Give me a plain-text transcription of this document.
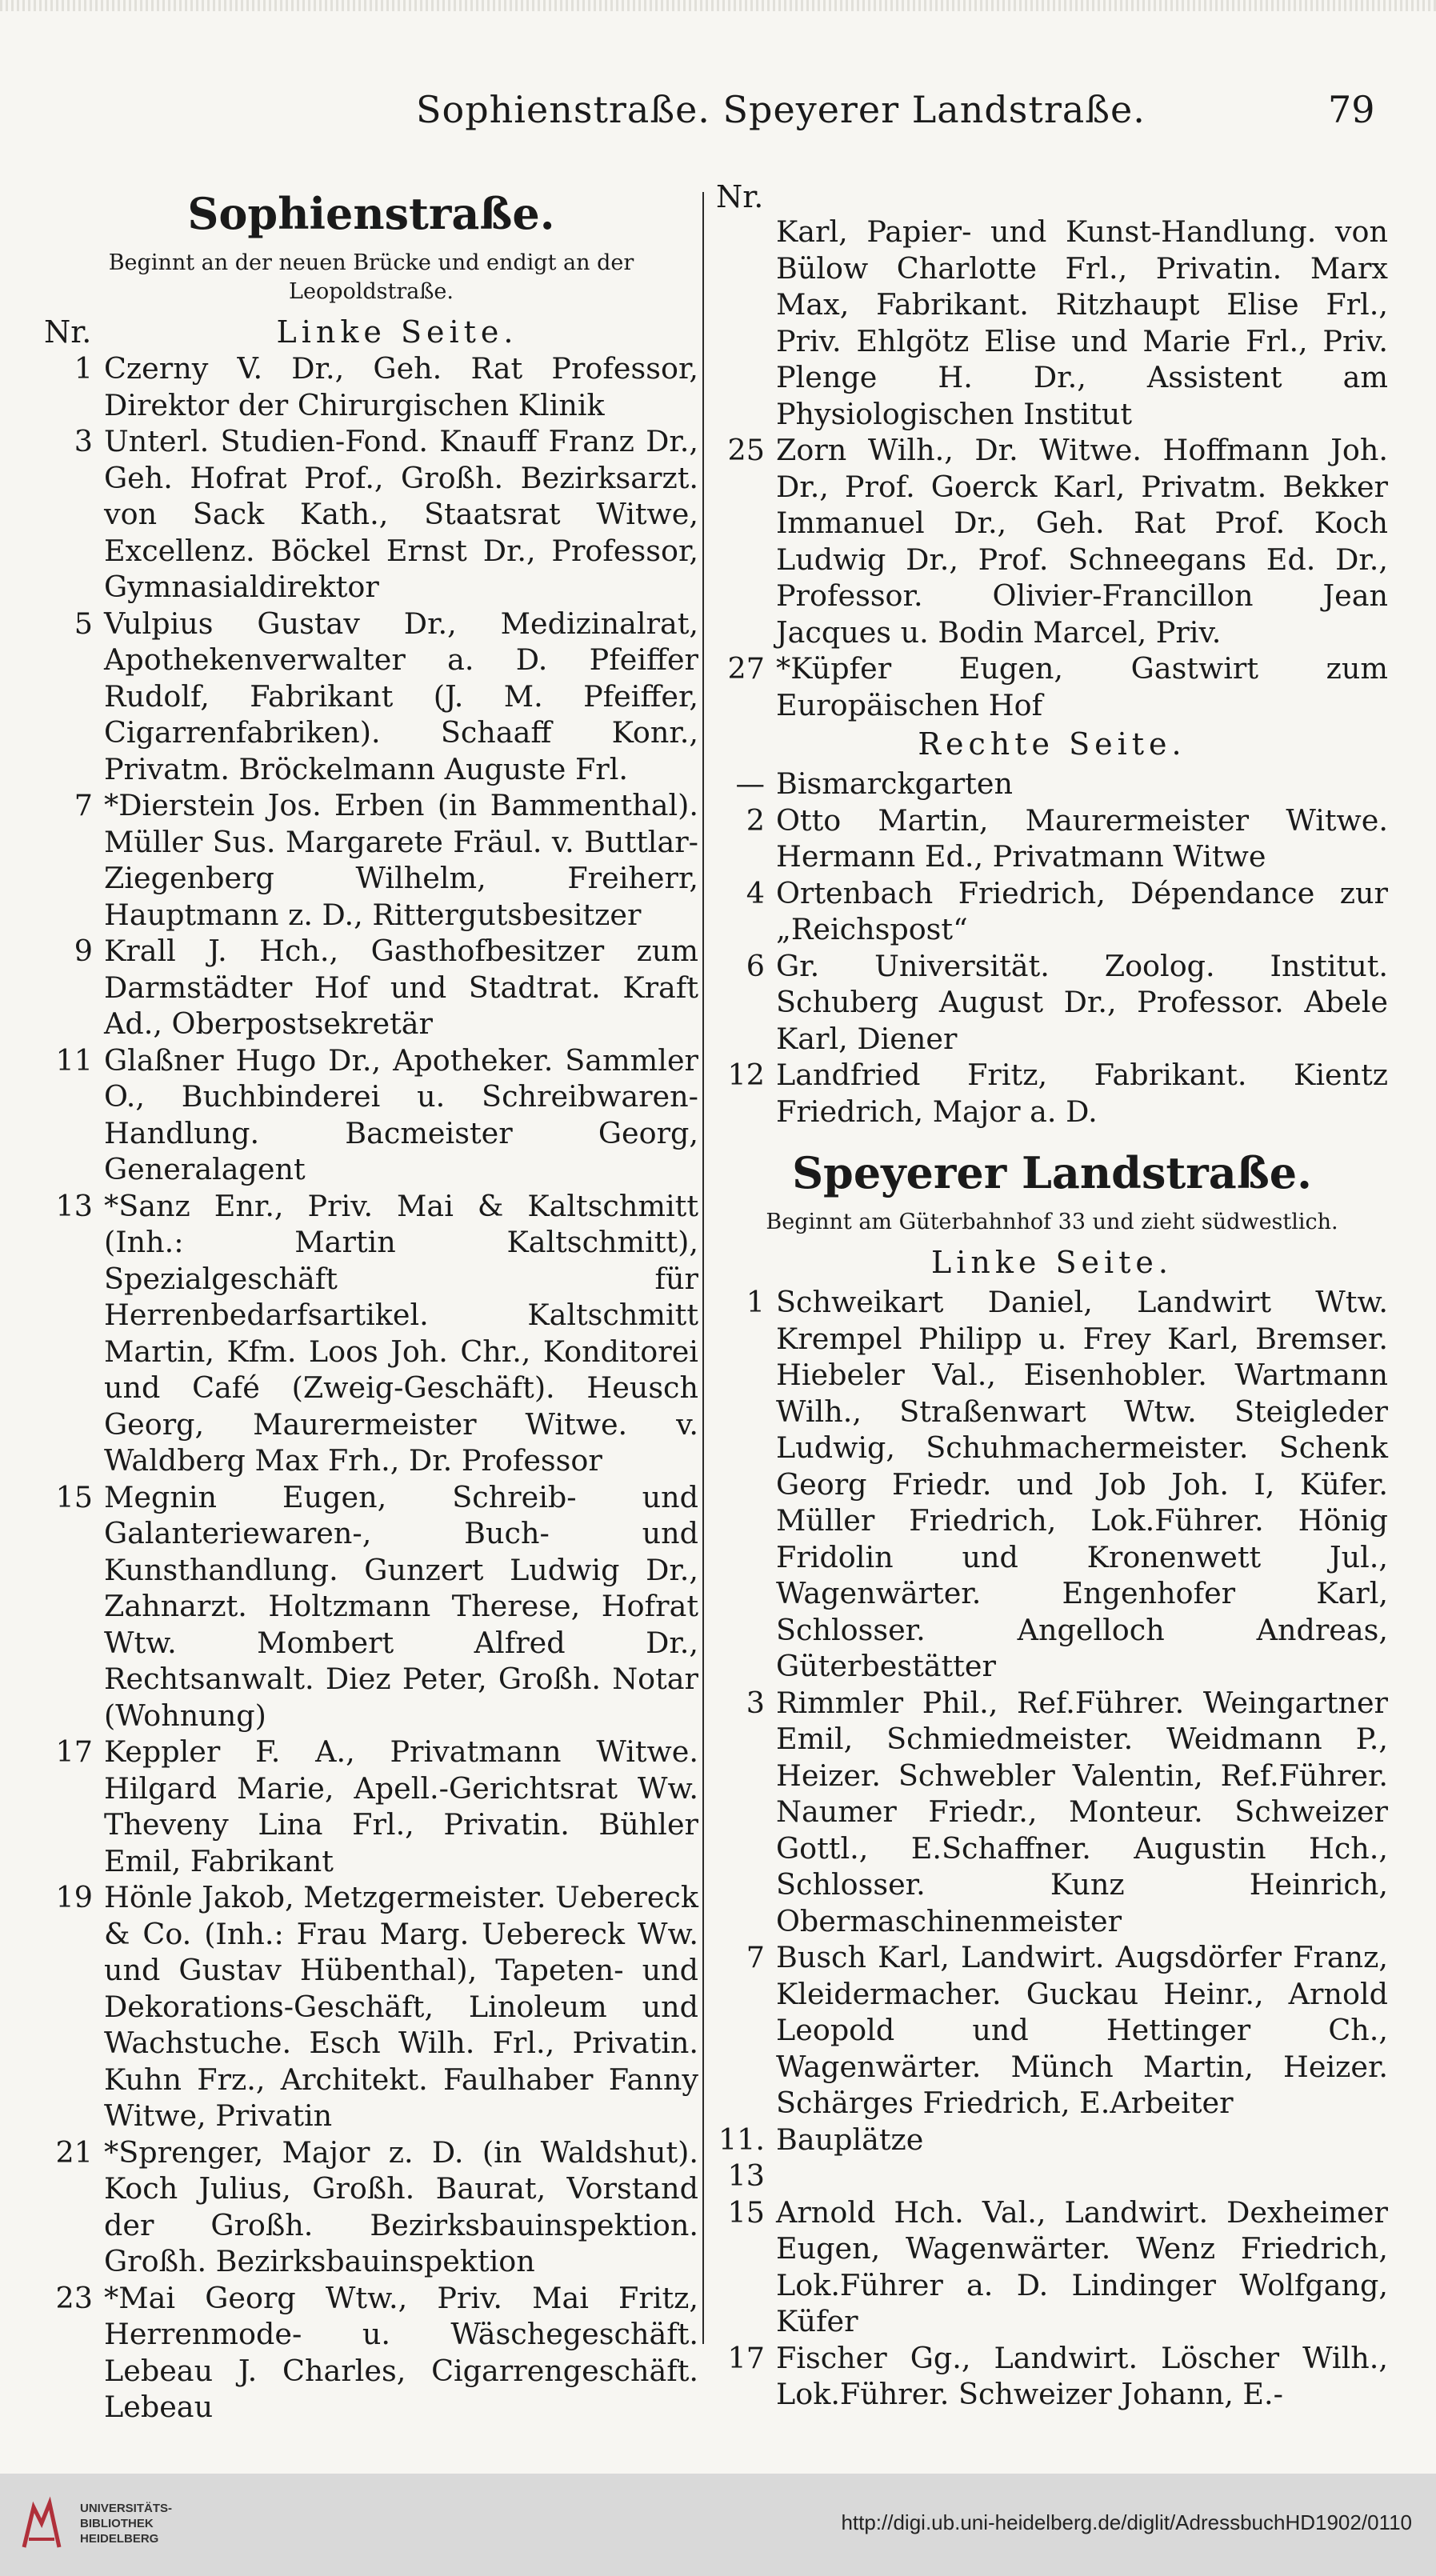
Sophienstraße. Speyerer Landstraße.	79
Sophienstraße.
Beginnt an der neuen Brücke und endigt an der Leopoldstraße.
Nr.	Linke Seite.
1 Czerny V. Dr., Geh. Rat Professor, Direktor der Chirurgischen Klinik
3 Unterl. Studien-Fond. Knauff Franz Dr., Geh. Hofrat Prof., Großh. Bezirksarzt. von Sack Kath., Staatsrat Witwe, Excellenz. Böckel Ernst Dr., Professor, Gymnasialdirektor
5 Vulpius Gustav Dr., Medizinalrat, Apothekenverwalter a. D. Pfeiffer Rudolf, Fabrikant (J. M. Pfeiffer, Cigarrenfabriken). Schaaff Konr., Privatm. Bröckelmann Auguste Frl.
7 *Dierstein Jos. Erben (in Bammenthal). Müller Sus. Margarete Fräul. v. Buttlar-Ziegenberg Wilhelm, Freiherr, Hauptmann z. D., Rittergutsbesitzer
9 Krall J. Hch., Gasthofbesitzer zum Darmstädter Hof und Stadtrat. Kraft Ad., Oberpostsekretär
11 Glaßner Hugo Dr., Apotheker. Sammler O., Buchbinderei u. Schreibwaren-Handlung. Bacmeister Georg, Generalagent
13 *Sanz Enr., Priv. Mai & Kaltschmitt (Inh.: Martin Kaltschmitt), Spezialgeschäft für Herrenbedarfsartikel. Kaltschmitt Martin, Kfm. Loos Joh. Chr., Konditorei und Café (Zweig-Geschäft). Heusch Georg, Maurermeister Witwe. v. Waldberg Max Frh., Dr. Professor
15 Megnin Eugen, Schreib- und Galanteriewaren-, Buch- und Kunsthandlung. Gunzert Ludwig Dr., Zahnarzt. Holtzmann Therese, Hofrat Wtw. Mombert Alfred Dr., Rechtsanwalt. Diez Peter, Großh. Notar (Wohnung)
17 Keppler F. A., Privatmann Witwe. Hilgard Marie, Apell.-Gerichtsrat Ww. Theveny Lina Frl., Privatin. Bühler Emil, Fabrikant
19 Hönle Jakob, Metzgermeister. Uebereck & Co. (Inh.: Frau Marg. Uebereck Ww. und Gustav Hübenthal), Tapeten- und Dekorations-Geschäft, Linoleum und Wachstuche. Esch Wilh. Frl., Privatin. Kuhn Frz., Architekt. Faulhaber Fanny Witwe, Privatin
21 *Sprenger, Major z. D. (in Waldshut). Koch Julius, Großh. Baurat, Vorstand der Großh. Bezirksbauinspektion. Großh. Bezirksbauinspektion
23 *Mai Georg Wtw., Priv. Mai Fritz, Herrenmode- u. Wäschegeschäft. Lebeau J. Charles, Cigarrengeschäft. Lebeau
Nr.
Karl, Papier- und Kunst-Handlung. von Bülow Charlotte Frl., Privatin. Marx Max, Fabrikant. Ritzhaupt Elise Frl., Priv. Ehlgötz Elise und Marie Frl., Priv. Plenge H. Dr., Assistent am Physiologischen Institut
25 Zorn Wilh., Dr. Witwe. Hoffmann Joh. Dr., Prof. Goerck Karl, Privatm. Bekker Immanuel Dr., Geh. Rat Prof. Koch Ludwig Dr., Prof. Schneegans Ed. Dr., Professor. Olivier-Francillon Jean Jacques u. Bodin Marcel, Priv.
27 *Küpfer Eugen, Gastwirt zum Europäischen Hof
Rechte Seite.
— Bismarckgarten
2 Otto Martin, Maurermeister Witwe. Hermann Ed., Privatmann Witwe
4 Ortenbach Friedrich, Dépendance zur „Reichspost“
6 Gr. Universität. Zoolog. Institut. Schuberg August Dr., Professor. Abele Karl, Diener
12 Landfried Fritz, Fabrikant. Kientz Friedrich, Major a. D.
Speyerer Landstraße.
Beginnt am Güterbahnhof 33 und zieht südwestlich.
Linke Seite.
1 Schweikart Daniel, Landwirt Wtw. Krempel Philipp u. Frey Karl, Bremser. Hiebeler Val., Eisenhobler. Wartmann Wilh., Straßenwart Wtw. Steigleder Ludwig, Schuhmachermeister. Schenk Georg Friedr. und Job Joh. I, Küfer. Müller Friedrich, Lok.Führer. Hönig Fridolin und Kronenwett Jul., Wagenwärter. Engenhofer Karl, Schlosser. Angelloch Andreas, Güterbestätter
3 Rimmler Phil., Ref.Führer. Weingartner Emil, Schmiedmeister. Weidmann P., Heizer. Schwebler Valentin, Ref.Führer. Naumer Friedr., Monteur. Schweizer Gottl., E.Schaffner. Augustin Hch., Schlosser. Kunz Heinrich, Obermaschinenmeister
7 Busch Karl, Landwirt. Augsdörfer Franz, Kleidermacher. Guckau Heinr., Arnold Leopold und Hettinger Ch., Wagenwärter. Münch Martin, Heizer. Schärges Friedrich, E.Arbeiter
11. 13
Bauplätze
15 Arnold Hch. Val., Landwirt. Dexheimer Eugen, Wagenwärter. Wenz Friedrich, Lok.Führer a. D. Lindinger Wolfgang, Küfer
17 Fischer Gg., Landwirt. Löscher Wilh., Lok.Führer. Schweizer Johann, E.-
UNIVERSITÄTS-
BIBLIOTHEK
HEIDELBERG
http://digi.ub.uni-heidelberg.de/diglit/AdressbuchHD1902/0110
